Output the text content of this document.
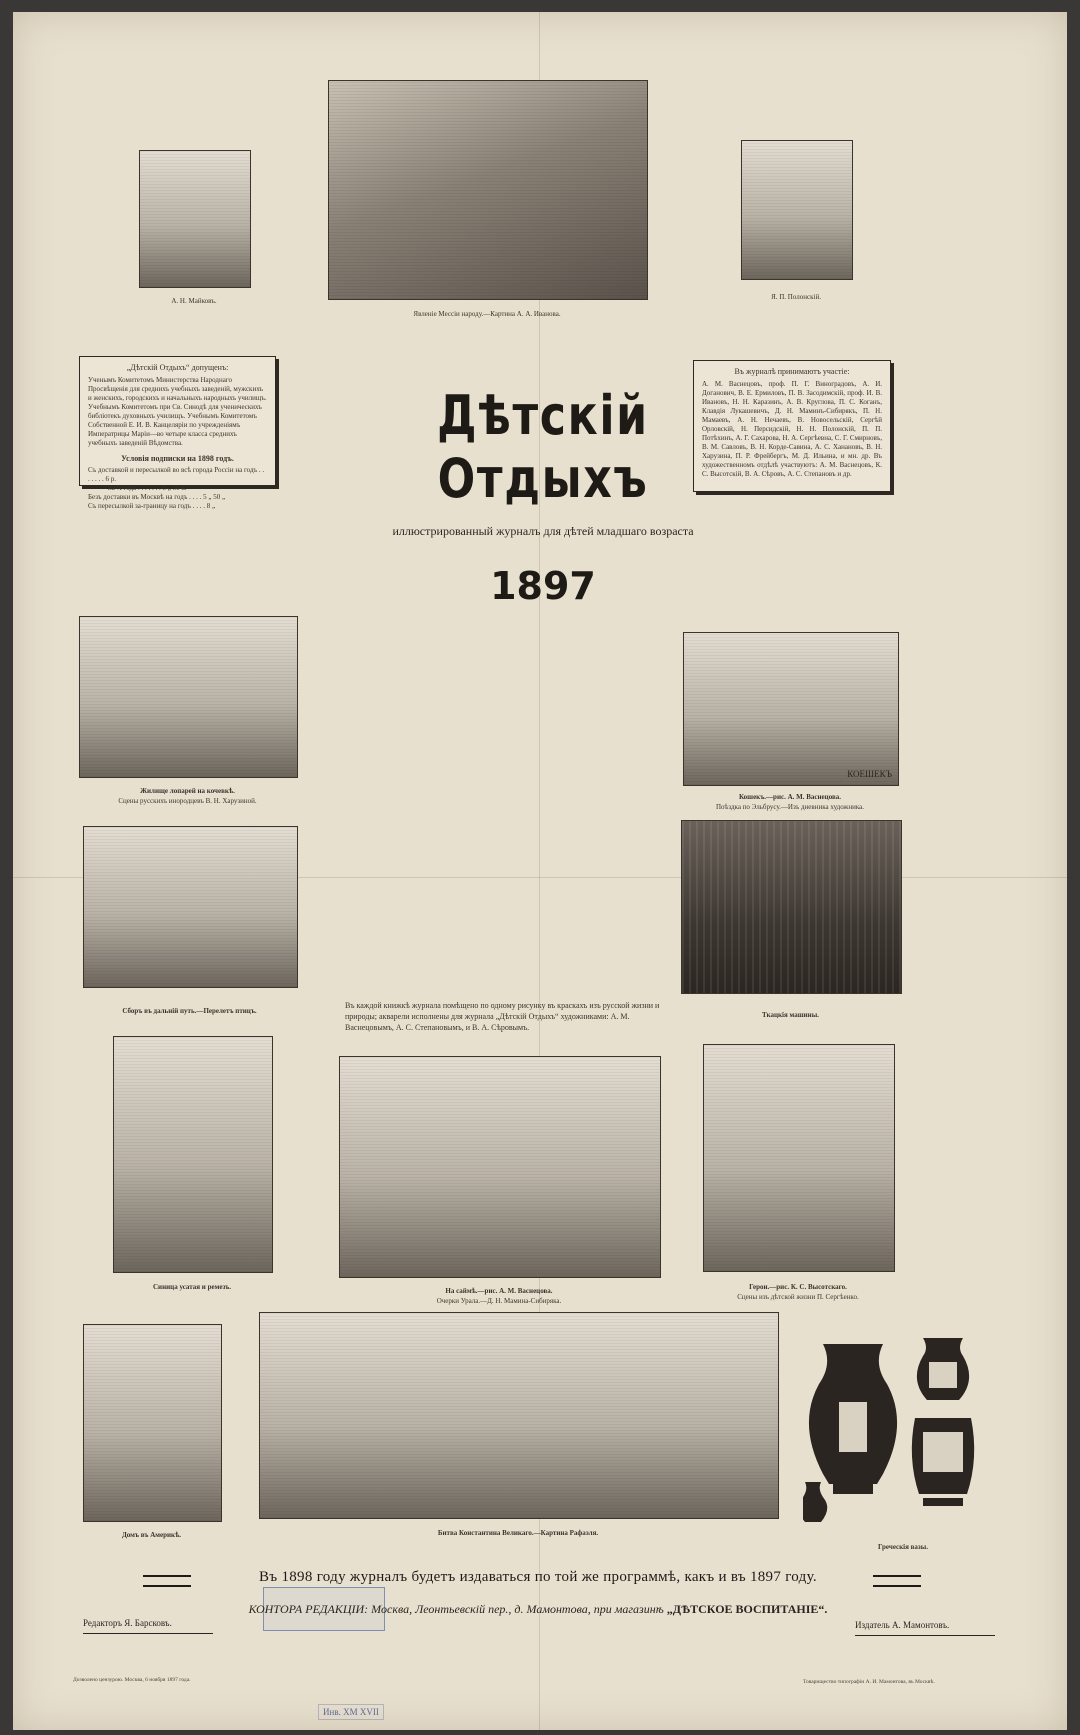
А. Н. Майковъ.
Явленіе Мессіи народу.—Картина А. А. Иванова.
Я. П. Полонскій.
„Дѣтскій Отдыхъ“ допущенъ:
Ученымъ Комитетомъ Министерства Народнаго Просвѣщенія для среднихъ учебныхъ заведеній, мужскихъ и женскихъ, городскихъ и начальныхъ народныхъ училищъ. Учебнымъ Комитетомъ при Св. Синодѣ для ученическихъ библіотекъ духовныхъ училищъ. Учебнымъ Комитетомъ Собственной Е. И. В. Канцеляріи по учрежденіямъ Императрицы Маріи—во четыре класса среднихъ учебныхъ заведеній Вѣдомства.
Условія подписки на 1898 годъ.
Съ доставкой и пересылкой во всѣ города Россіи на годъ . . . . . . . 6 р.
на ½ года . . . . . . . 3 „ 50 к.
Безъ доставки въ Москвѣ на годъ . . . . 5 „ 50 „
Съ пересылкой за-границу на годъ . . . . 8 „
Въ журналѣ принимаютъ участіе:
А. М. Васнецовъ, проф. П. Г. Виноградовъ, А. И. Доганович, В. Е. Ермиловъ, П. В. Засодимскій, проф. И. В. Ивановъ, Н. Н. Каразинъ, А. В. Круглова, П. С. Коганъ, Клавдія Лукашевичъ, Д. Н. Маминъ-Сибирякъ, П. Н. Мамаевъ, А. Н. Нечаевъ, В. Новосельскій, Сергѣй Орловскій, Н. Персидскій, Н. Н. Полонскій, П. П. Потѣхинъ, А. Г. Сахарова, Н. А. Сергѣевна, С. Г. Смирновъ, В. М. Савловъ, В. Н. Корде-Савина, А. С. Ханановъ, В. Н. Харузина, П. Р. Фрейбергъ, М. Д. Ильина, и мн. др. Въ художественномъ отдѣлѣ участвуютъ: А. М. Васнецовъ, К. С. Высотскій, В. А. Сѣровъ, А. С. Степановъ и др.
Дѣтскій Отдыхъ
иллюстрированный журналъ для дѣтей младшаго возраста
1897
Жилище лопарей на кочевкѣ.
Сцены русскихъ инородцевъ В. Н. Харузиной.
КОЕШЕКЪ
Кошекъ.—рис. А. М. Васнецова.
Поѣздка по Эльбрусу.—Изъ дневника художника.
Сборъ въ дальній путь.—Перелетъ птицъ.	Ткацкія машины.
Въ каждой книжкѣ журнала помѣщено по одному рисунку въ краскахъ изъ русской жизни и природы; акварели исполнены для журнала „Дѣтскій Отдыхъ“ художниками: А. М. Васнецовымъ, А. С. Степановымъ, и В. А. Сѣровымъ.
Синица усатая и ремезъ.	На саймѣ.—рис. А. М. Васнецова.
Очерки Урала.—Д. Н. Мамина-Сибиряка.
Герои.—рис. К. С. Высотскаго.
Сцены изъ дѣтской жизни П. Сергѣенко.
Домъ въ Америкѣ.	Битва Константина Великаго.—Картина Рафаэля.
Греческія вазы.
Въ 1898 году журналъ будетъ издаваться по той же программѣ, какъ и въ 1897 году.
КОНТОРА РЕДАКЦІИ: Москва, Леонтьевскій пер., д. Мамонтова, при магазинѣ „ДѢТСКОЕ ВОСПИТАНІЕ“.
Редакторъ Я. Барсковъ.	Издатель А. Мамонтовъ.
Дозволено цензурою. Москва, 6 ноября 1897 года.	Товарищество типографіи А. И. Мамонтова, въ Москвѣ.
Инв. XM XVII
